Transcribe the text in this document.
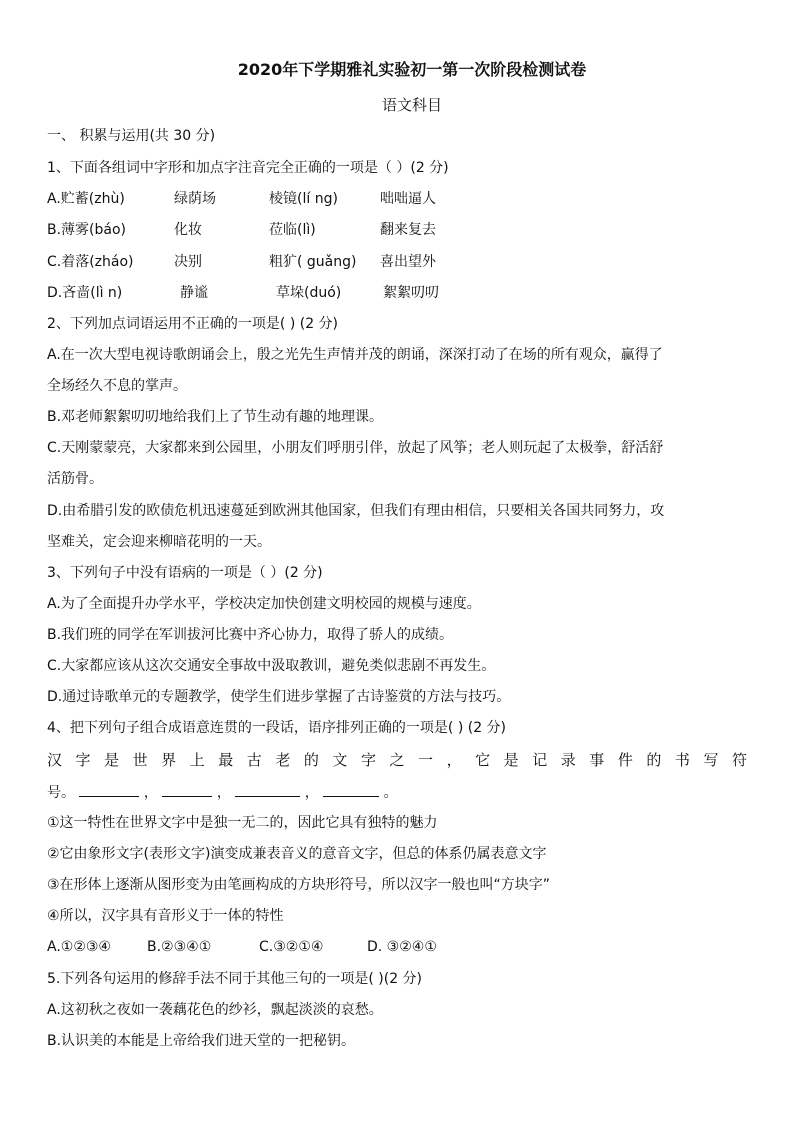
2020年下学期雅礼实验初一第一次阶段检测试卷
语文科目
一、 积累与运用(共 30 分)
1、下面各组词中字形和加点字注音完全正确的一项是（ ）(2 分)
A.贮蓄(zhù)	绿荫场	棱镜(lí ng)	咄咄逼人
B.薄雾(báo)	化妆	莅临(lì)	翻来复去
C.着落(zháo)	决别	粗犷( guǎng) 喜出望外
D.吝啬(lì n)	静谧	草垛(duó)	絮絮叨叨
2、下列加点词语运用不正确的一项是( ) (2 分)
A.在一次大型电视诗歌朗诵会上，殷之光先生声情并茂的朗诵，深深打动了在场的所有观众，赢得了
全场经久不息的掌声。
B.邓老师絮絮叨叨地给我们上了节生动有趣的地理课。
C.天刚蒙蒙亮，大家都来到公园里，小朋友们呼朋引伴，放起了风筝；老人则玩起了太极拳，舒活舒
活筋骨。
D.由希腊引发的欧债危机迅速蔓延到欧洲其他国家，但我们有理由相信，只要相关各国共同努力，攻
坚难关，定会迎来柳暗花明的一天。
3、下列句子中没有语病的一项是（ ）(2 分)
A.为了全面提升办学水平，学校决定加快创建文明校园的规模与速度。
B.我们班的同学在军训拔河比赛中齐心协力，取得了骄人的成绩。
C.大家都应该从这次交通安全事故中汲取教训，避免类似悲剧不再发生。
D.通过诗歌单元的专题教学，使学生们进步掌握了古诗鉴赏的方法与技巧。
4、把下列句子组合成语意连贯的一段话，语序排列正确的一项是( ) (2 分)
汉字是世界上最古老的文字之一，它是记录事件的书写符
号。	，	，	，	。
①这一特性在世界文字中是独一无二的，因此它具有独特的魅力
②它由象形文字(表形文字)演变成兼表音义的意音文字，但总的体系仍属表意文字
③在形体上逐渐从图形变为由笔画构成的方块形符号，所以汉字一般也叫“方块字”
④所以，汉字具有音形义于一体的特性
A.①②③④	B.②③④①	C.③②①④	D. ③②④①
5.下列各句运用的修辞手法不同于其他三句的一项是( )(2 分)
A.这初秋之夜如一袭藕花色的纱衫，飘起淡淡的哀愁。
B.认识美的本能是上帝给我们进天堂的一把秘钥。
